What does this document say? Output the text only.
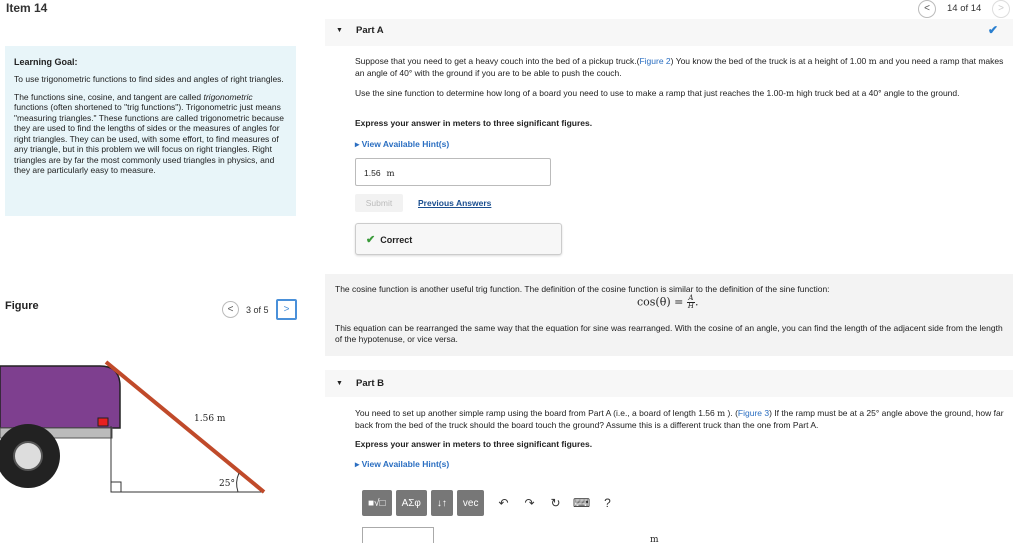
Item 14
Learning Goal:
To use trigonometric functions to find sides and angles of right triangles.
The functions sine, cosine, and tangent are called trigonometric functions (often shortened to "trig functions"). Trigonometric just means "measuring triangles." These functions are called trigonometric because they are used to find the lengths of sides or the measures of angles for right triangles. They can be used, with some effort, to find measures of any triangle, but in this problem we will focus on right triangles. Right triangles are by far the most commonly used triangles in physics, and they are particularly easy to measure.
Figure	<	3 of 5	>
1.56 m
25°
<	14 of 14	>
▼ Part A	✔
Suppose that you need to get a heavy couch into the bed of a pickup truck.(Figure 2) You know the bed of the truck is at a height of 1.00 m and you need a ramp that makes an angle of 40° with the ground if you are to be able to push the couch.
Use the sine function to determine how long of a board you need to use to make a ramp that just reaches the 1.00-m high truck bed at a 40° angle to the ground.
Express your answer in meters to three significant figures.
▸ View Available Hint(s)
1.56 m
Submit	Previous Answers
✔ Correct
The cosine function is another useful trig function. The definition of the cosine function is similar to the definition of the sine function:
This equation can be rearranged the same way that the equation for sine was rearranged. With the cosine of an angle, you can find the length of the adjacent side from the length of the hypotenuse, or vice versa.
$\cos(\theta) = \frac{A}{H}$ .
▼ Part B
You need to set up another simple ramp using the board from Part A (i.e., a board of length 1.56 m ). (Figure 3) If the ramp must be at a 25° angle above the ground, how far back from the bed of the truck should the board touch the ground? Assume this is a different truck than the one from Part A.
Express your answer in meters to three significant figures.
▸ View Available Hint(s)
■√□	ΑΣφ	↓↑	vec	↶	↷	↻	⌨	?
m
